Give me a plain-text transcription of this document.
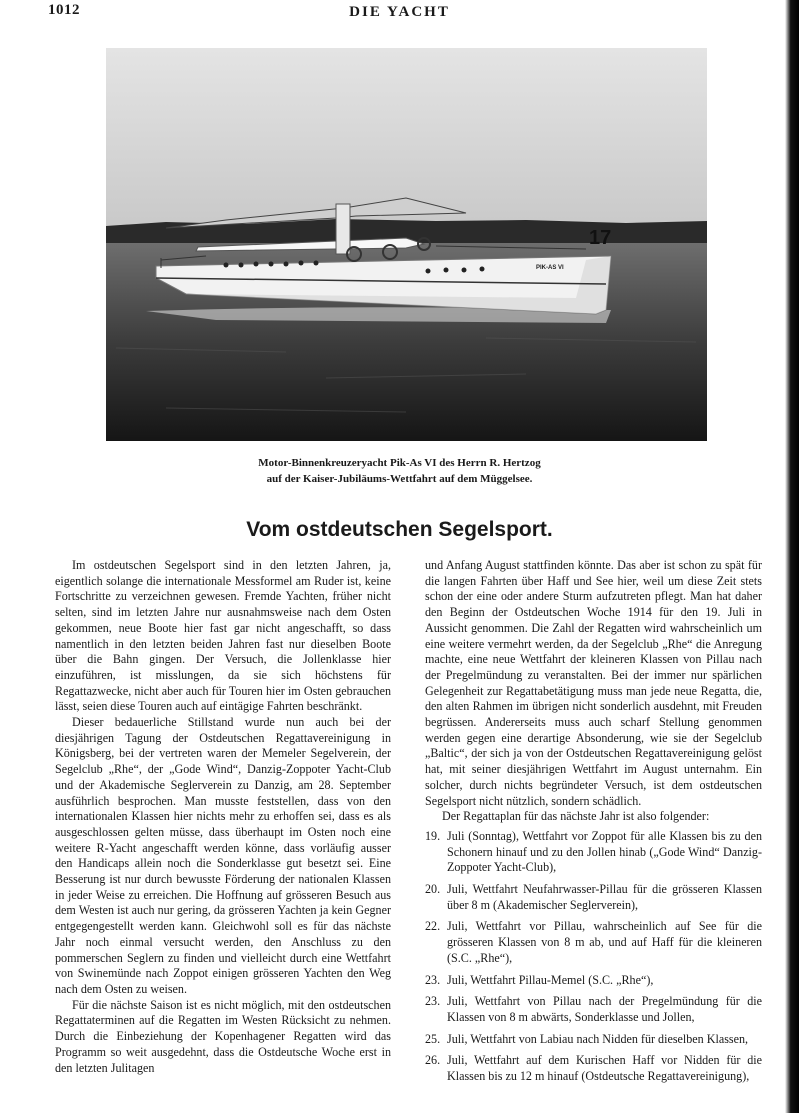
1012	DIE YACHT
17
PIK-AS VI
Motor-Binnenkreuzeryacht Pik-As VI des Herrn R. Hertzog
auf der Kaiser-Jubiläums-Wettfahrt auf dem Müggelsee.
Vom ostdeutschen Segelsport.

Im ostdeutschen Segelsport sind in den letzten Jahren, ja, eigentlich solange die internationale Messformel am Ruder ist, keine Fortschritte zu verzeichnen gewesen. Fremde Yachten, früher nicht selten, sind im letzten Jahre nur ausnahmsweise nach dem Osten gekommen, neue Boote hier fast gar nicht angeschafft, so dass namentlich in den letzten beiden Jahren fast nur dieselben Boote über die Bahn gingen. Der Versuch, die Jollenklasse hier einzuführen, ist misslungen, da sie sich höchstens für Regattazwecke, nicht aber auch für Touren hier im Osten gebrauchen lässt, seien diese Touren auch auf eintägige Fahrten beschränkt.

Dieser bedauerliche Stillstand wurde nun auch bei der diesjährigen Tagung der Ostdeutschen Regattavereinigung in Königsberg, bei der vertreten waren der Memeler Segelverein, der Segelclub „Rhe“, der „Gode Wind“, Danzig-Zoppoter Yacht-Club und der Akademische Seglerverein zu Danzig, am 28. September ausführlich besprochen. Man musste feststellen, dass von den internationalen Klassen hier nichts mehr zu erhoffen sei, dass es als ausgeschlossen gelten müsse, dass überhaupt im Osten noch eine weitere R-Yacht angeschafft werden könne, dass vorläufig ausser den Handicaps allein noch die Sonderklasse gut besetzt sei. Eine Besserung ist nur durch bewusste Förderung der nationalen Klassen in jeder Weise zu erreichen. Die Hoffnung auf grösseren Besuch aus dem Westen ist auch nur gering, da grösseren Yachten ja kein Gegner entgegengestellt werden kann. Gleichwohl soll es für das nächste Jahr noch einmal versucht werden, den Anschluss zu den pommerschen Seglern zu finden und vielleicht durch eine Wettfahrt von Swinemünde nach Zoppot einigen grösseren Yachten den Weg nach dem Osten zu weisen.

Für die nächste Saison ist es nicht möglich, mit den ostdeutschen Regattaterminen auf die Regatten im Westen Rücksicht zu nehmen. Durch die Einbeziehung der Kopenhagener Regatten wird das Programm so weit ausgedehnt, dass die Ostdeutsche Woche erst in den letzten Julitagen

und Anfang August stattfinden könnte. Das aber ist schon zu spät für die langen Fahrten über Haff und See hier, weil um diese Zeit stets schon der eine oder andere Sturm aufzutreten pflegt. Man hat daher den Beginn der Ostdeutschen Woche 1914 für den 19. Juli in Aussicht genommen. Die Zahl der Regatten wird wahrscheinlich um eine weitere vermehrt werden, da der Segelclub „Rhe“ die Anregung machte, eine neue Wettfahrt der kleineren Klassen von Pillau nach der Pregelmündung zu veranstalten. Bei der immer nur spärlichen Gelegenheit zur Regattabetätigung muss man jede neue Regatta, die, den alten Rahmen im übrigen nicht sonderlich ausdehnt, mit Freuden begrüssen. Andererseits muss auch scharf Stellung genommen werden gegen eine derartige Absonderung, wie sie der Segelclub „Baltic“, der sich ja von der Ostdeutschen Regattavereinigung gelöst hat, mit seiner diesjährigen Wettfahrt im August unternahm. Ein solcher, durch nichts begründeter Versuch, ist dem ostdeutschen Segelsport nicht nützlich, sondern schädlich.

Der Regattaplan für das nächste Jahr ist also folgender:

19. Juli (Sonntag), Wettfahrt vor Zoppot für alle Klassen bis zu den Schonern hinauf und zu den Jollen hinab („Gode Wind“ Danzig-Zoppoter Yacht-Club),
20. Juli, Wettfahrt Neufahrwasser-Pillau für die grösseren Klassen über 8 m (Akademischer Seglerverein),
22. Juli, Wettfahrt vor Pillau, wahrscheinlich auf See für die grösseren Klassen von 8 m ab, und auf Haff für die kleineren (S.C. „Rhe“),
23. Juli, Wettfahrt Pillau-Memel (S.C. „Rhe“),
23. Juli, Wettfahrt von Pillau nach der Pregelmündung für die Klassen von 8 m abwärts, Sonderklasse und Jollen,
25. Juli, Wettfahrt von Labiau nach Nidden für dieselben Klassen,
26. Juli, Wettfahrt auf dem Kurischen Haff vor Nidden für die Klassen bis zu 12 m hinauf (Ostdeutsche Regattavereinigung),
